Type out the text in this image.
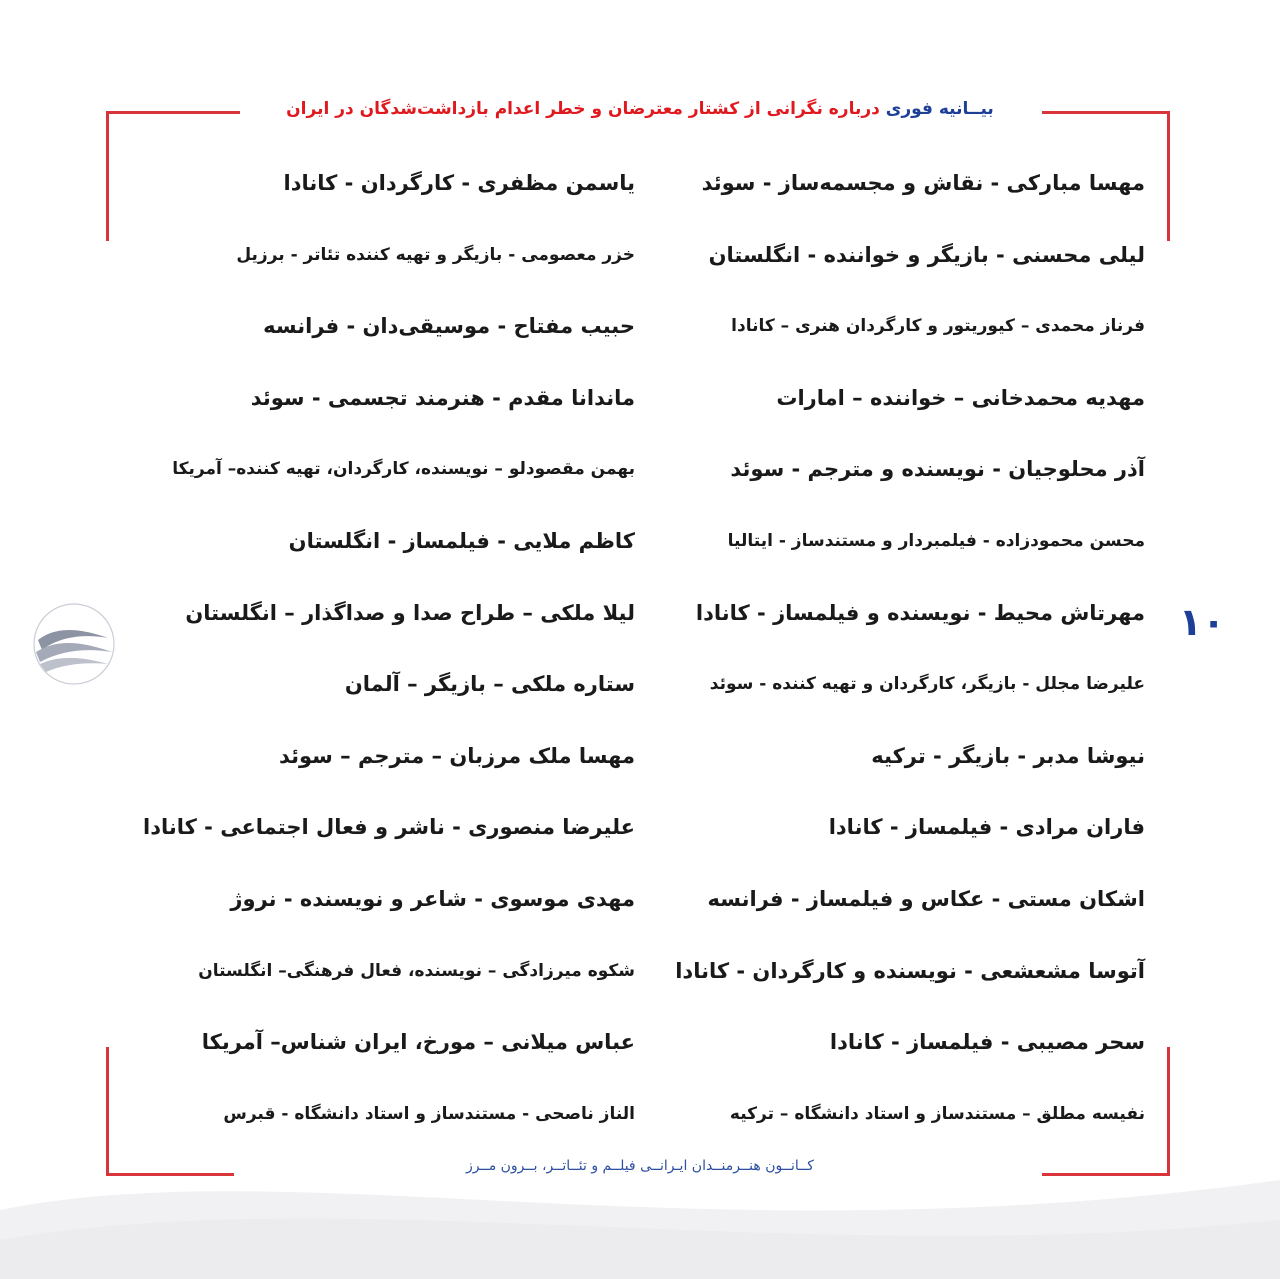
بیــانیه فوری درباره نگرانی از کشتار معترضان و خطر اعدام بازداشت‌شدگان در ایران
مهسا مبارکی - نقاش و مجسمه‌ساز - سوئد
لیلی محسنی - بازیگر و خواننده - انگلستان
فرناز محمدی – کیوریتور و کارگردان هنری – کانادا
مهدیه محمدخانی – خواننده – امارات
آذر محلوجیان - نویسنده و مترجم - سوئد
محسن محمودزاده - فیلمبردار و مستندساز - ایتالیا
مهرتاش محیط - نویسنده و فیلمساز - کانادا
علیرضا مجلل - بازیگر، کارگردان و تهیه کننده - سوئد
نیوشا مدبر - بازیگر - ترکیه
فاران مرادی - فیلمساز - کانادا
اشکان مستی - عکاس و فیلمساز - فرانسه
آتوسا مشعشعی - نویسنده و کارگردان - کانادا
سحر مصیبی - فیلمساز - کانادا
نفیسه مطلق – مستندساز و استاد دانشگاه – ترکیه
یاسمن مظفری - کارگردان - کانادا
خزر معصومی - بازیگر و تهیه کننده تئاتر - برزیل
حبیب مفتاح - موسیقی‌دان - فرانسه
ماندانا مقدم - هنرمند تجسمی - سوئد
بهمن مقصودلو – نویسنده، کارگردان، تهیه کننده– آمریکا
کاظم ملایی - فیلمساز - انگلستان
لیلا ملکی – طراح صدا و صداگذار – انگلستان
ستاره ملکی – بازیگر – آلمان
مهسا ملک مرزبان – مترجم – سوئد
علیرضا منصوری - ناشر و فعال اجتماعی - کانادا
مهدی موسوی - شاعر و نویسنده - نروژ
شکوه میرزادگی – نویسنده، فعال فرهنگی– انگلستان
عباس میلانی – مورخ، ایران شناس– آمریکا
الناز ناصحی - مستندساز و استاد دانشگاه - قبرس
کــانــون هنــرمنــدان ایـرانــی فیلــم و تئــاتــر، بــرون مــرز
۱۰
